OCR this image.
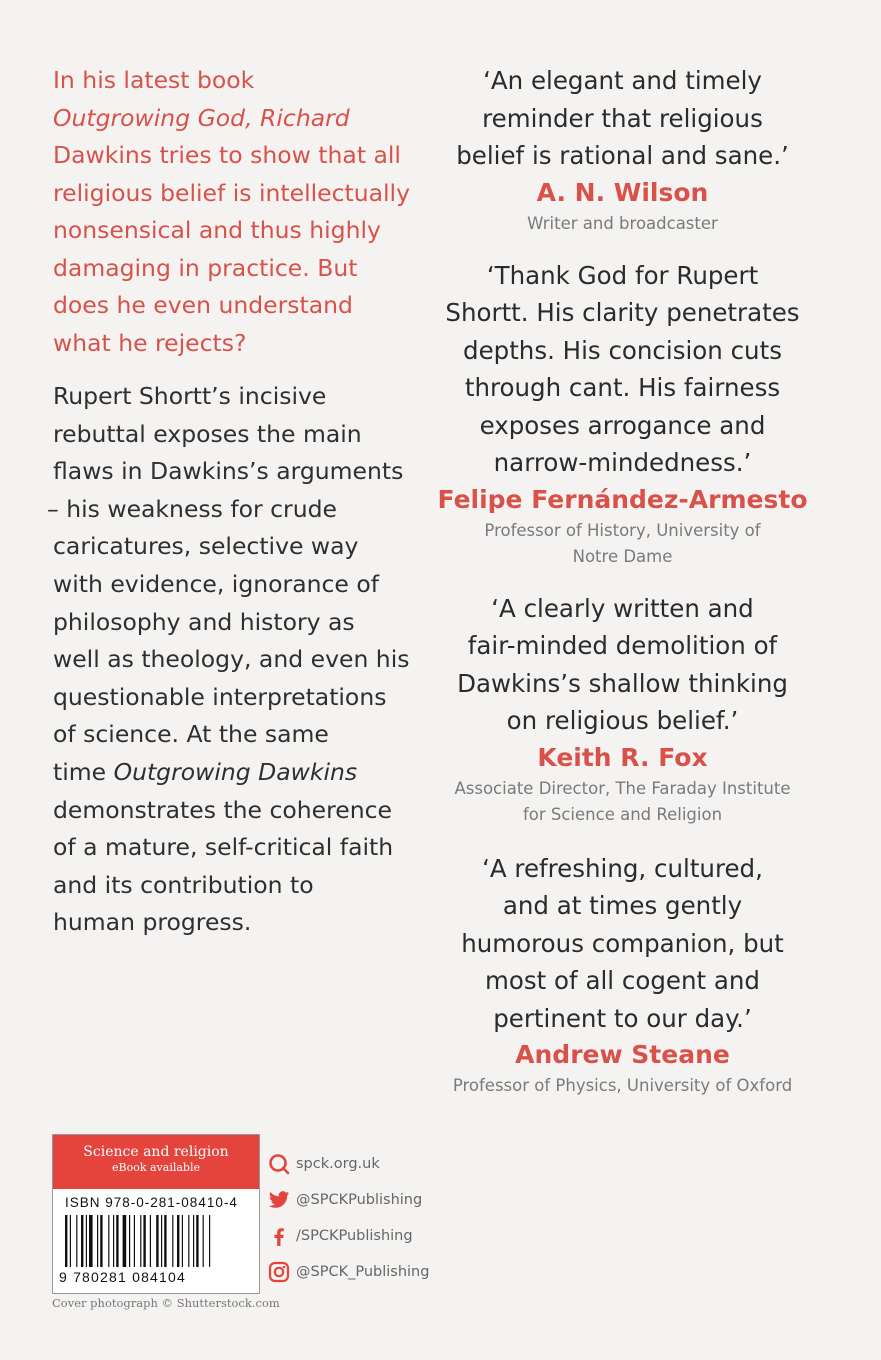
In his latest book
Outgrowing God, Richard
Dawkins tries to show that all
religious belief is intellectually
nonsensical and thus highly
damaging in practice. But
does he even understand
what he rejects?

Rupert Shortt’s incisive
rebuttal exposes the main
flaws in Dawkins’s arguments
– his weakness for crude
caricatures, selective way
with evidence, ignorance of
philosophy and history as
well as theology, and even his
questionable interpretations
of science. At the same
time Outgrowing Dawkins
demonstrates the coherence
of a mature, self-critical faith
and its contribution to
human progress.

‘An elegant and timely
reminder that religious
belief is rational and sane.’

A. N. Wilson

Writer and broadcaster

‘Thank God for Rupert
Shortt. His clarity penetrates
depths. His concision cuts
through cant. His fairness
exposes arrogance and
narrow-mindedness.’

Felipe Fernández-Armesto

Professor of History, University of
Notre Dame

‘A clearly written and
fair-minded demolition of
Dawkins’s shallow thinking
on religious belief.’

Keith R. Fox

Associate Director, The Faraday Institute
for Science and Religion

‘A refreshing, cultured,
and at times gently
humorous companion, but
most of all cogent and
pertinent to our day.’

Andrew Steane

Professor of Physics, University of Oxford

Science and religion
eBook available
ISBN 978-0-281-08410-4
9 780281 084104
Cover photograph © Shutterstock.com
spck.org.uk
@SPCKPublishing
/SPCKPublishing
@SPCK_Publishing
